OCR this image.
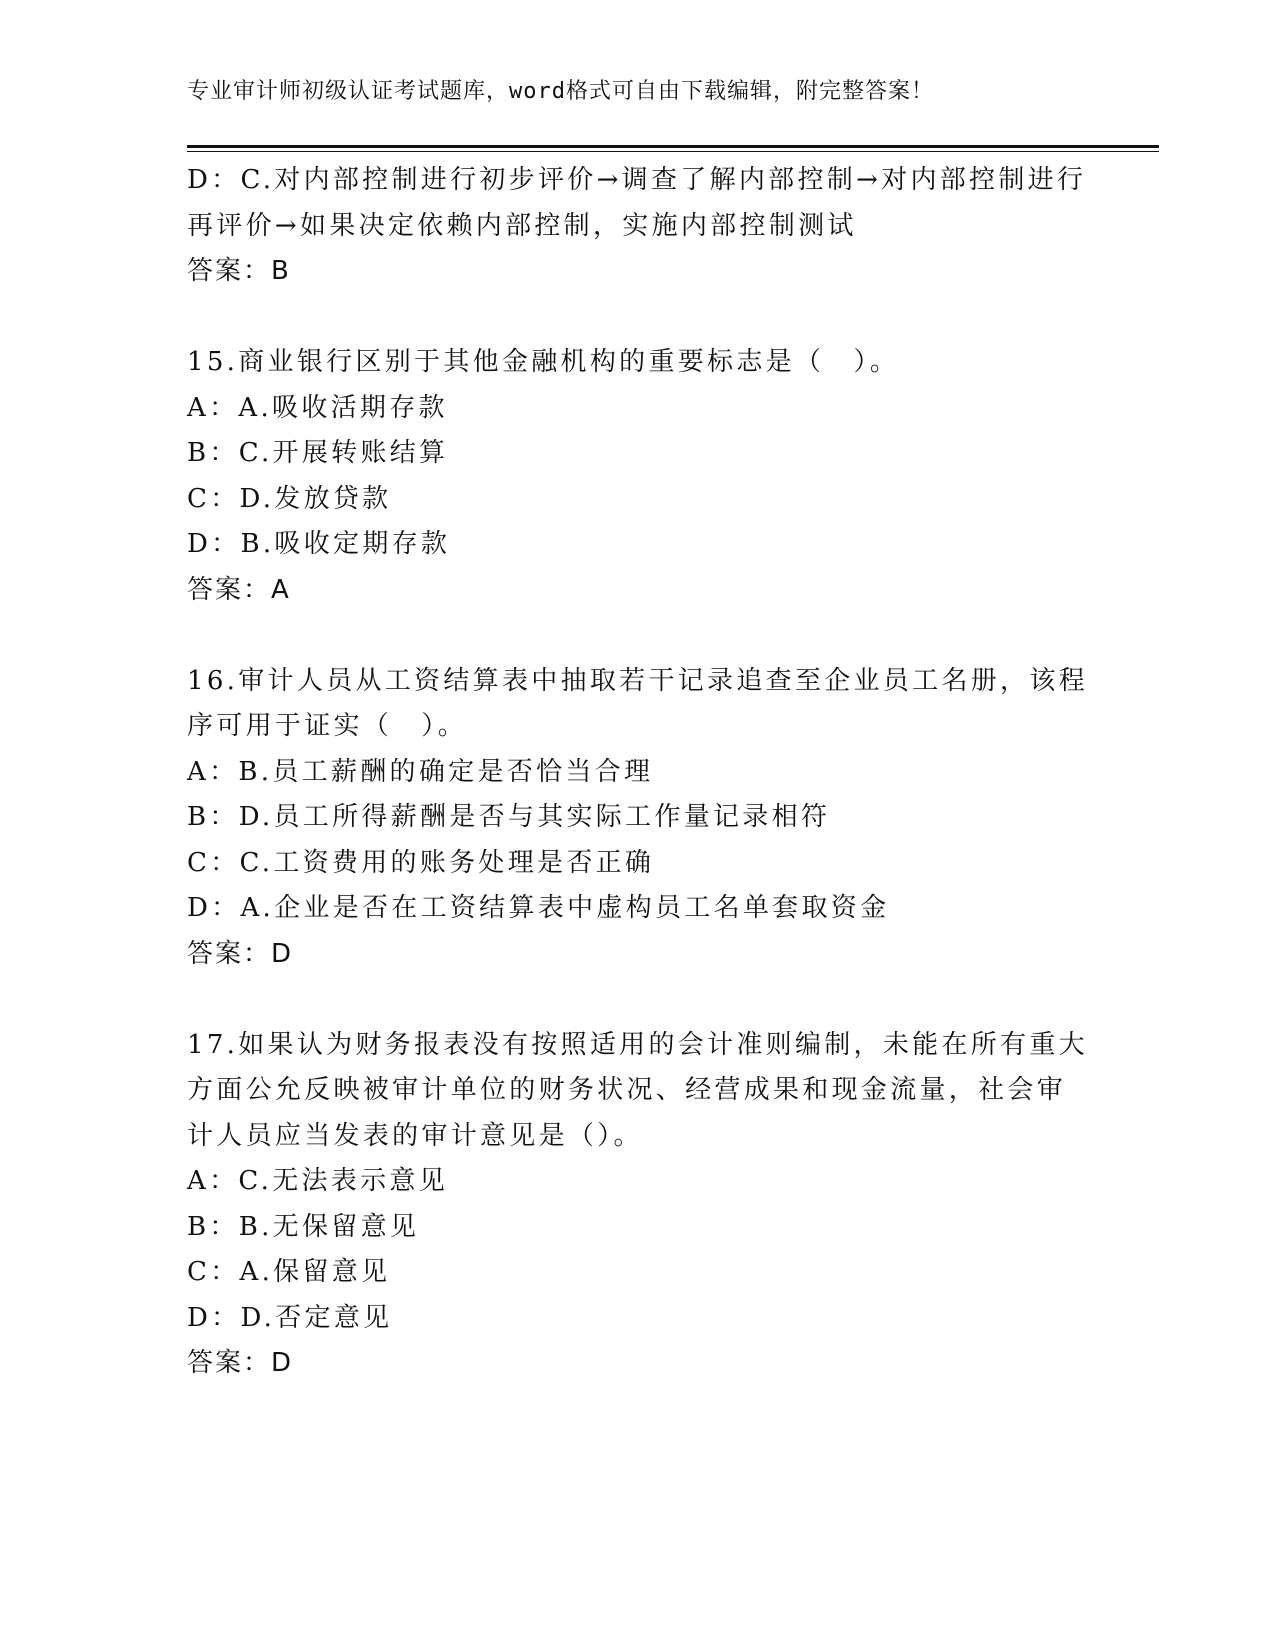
专业审计师初级认证考试题库，word格式可自由下载编辑，附完整答案！
D：C.对内部控制进行初步评价→调查了解内部控制→对内部控制进行
再评价→如果决定依赖内部控制，实施内部控制测试
答案：B
15.商业银行区别于其他金融机构的重要标志是（　）。
A：A.吸收活期存款
B：C.开展转账结算
C：D.发放贷款
D：B.吸收定期存款
答案：A
16.审计人员从工资结算表中抽取若干记录追查至企业员工名册，该程
序可用于证实（　）。
A：B.员工薪酬的确定是否恰当合理
B：D.员工所得薪酬是否与其实际工作量记录相符
C：C.工资费用的账务处理是否正确
D：A.企业是否在工资结算表中虚构员工名单套取资金
答案：D
17.如果认为财务报表没有按照适用的会计准则编制，未能在所有重大
方面公允反映被审计单位的财务状况、经营成果和现金流量，社会审
计人员应当发表的审计意见是（）。
A：C.无法表示意见
B：B.无保留意见
C：A.保留意见
D：D.否定意见
答案：D
